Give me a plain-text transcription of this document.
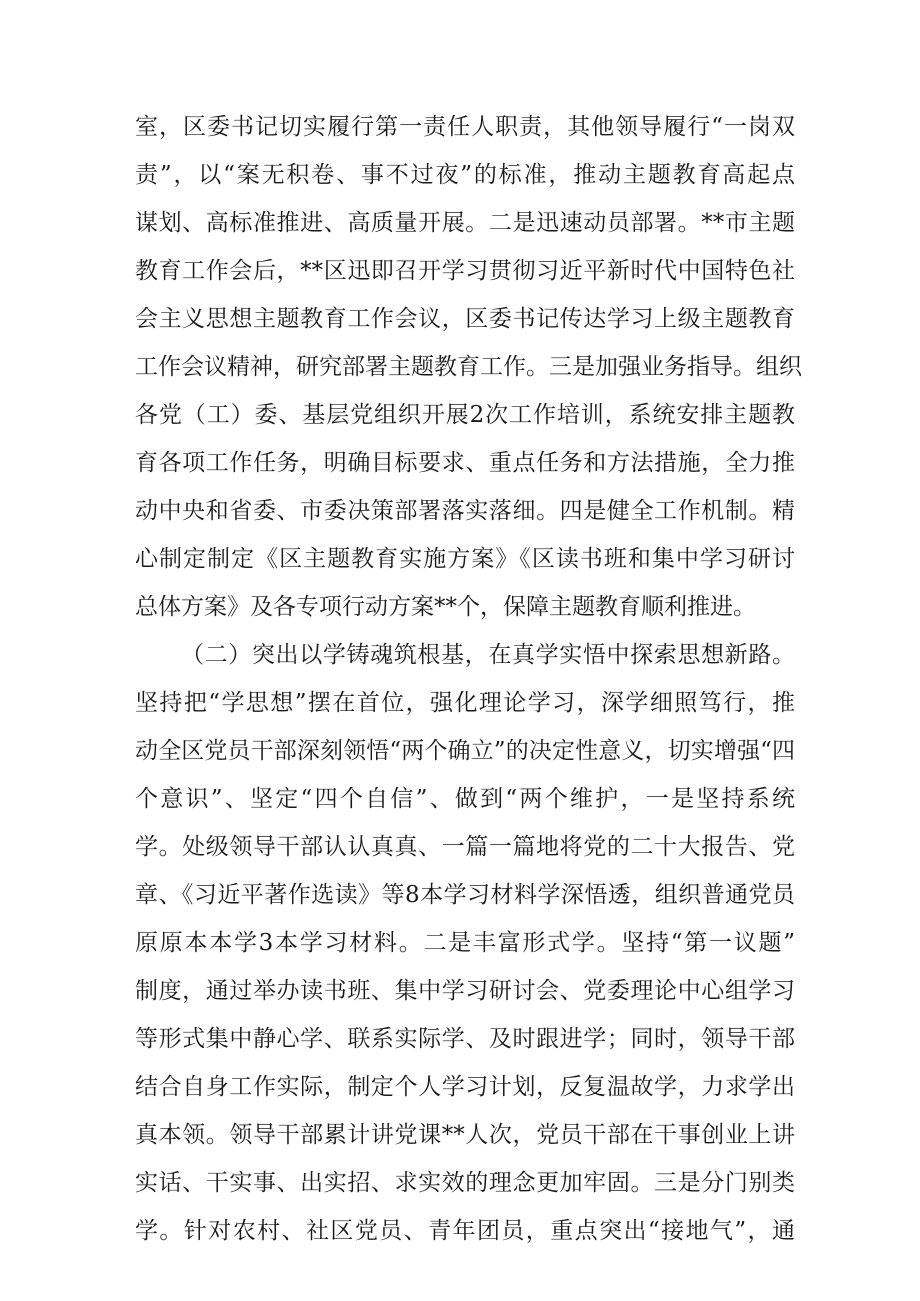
室，区委书记切实履行第一责任人职责，其他领导履行“一岗双
责”，以“案无积卷、事不过夜”的标准，推动主题教育高起点
谋划、高标准推进、高质量开展。二是迅速动员部署。**市主题
教育工作会后，**区迅即召开学习贯彻习近平新时代中国特色社
会主义思想主题教育工作会议，区委书记传达学习上级主题教育
工作会议精神，研究部署主题教育工作。三是加强业务指导。组织
各党（工）委、基层党组织开展2次工作培训，系统安排主题教
育各项工作任务，明确目标要求、重点任务和方法措施，全力推
动中央和省委、市委决策部署落实落细。四是健全工作机制。精
心制定制定《区主题教育实施方案》《区读书班和集中学习研讨
总体方案》及各专项行动方案**个，保障主题教育顺利推进。
（二）突出以学铸魂筑根基，在真学实悟中探索思想新路。
坚持把“学思想”摆在首位，强化理论学习，深学细照笃行，推
动全区党员干部深刻领悟“两个确立”的决定性意义，切实增强“四
个意识”、坚定“四个自信”、做到“两个维护，一是坚持系统
学。处级领导干部认认真真、一篇一篇地将党的二十大报告、党
章、《习近平著作选读》等8本学习材料学深悟透，组织普通党员
原原本本学3本学习材料。二是丰富形式学。坚持“第一议题”
制度，通过举办读书班、集中学习研讨会、党委理论中心组学习
等形式集中静心学、联系实际学、及时跟进学；同时，领导干部
结合自身工作实际，制定个人学习计划，反复温故学，力求学出
真本领。领导干部累计讲党课**人次，党员干部在干事创业上讲
实话、干实事、出实招、求实效的理念更加牢固。三是分门别类
学。针对农村、社区党员、青年团员，重点突出“接地气”，通
